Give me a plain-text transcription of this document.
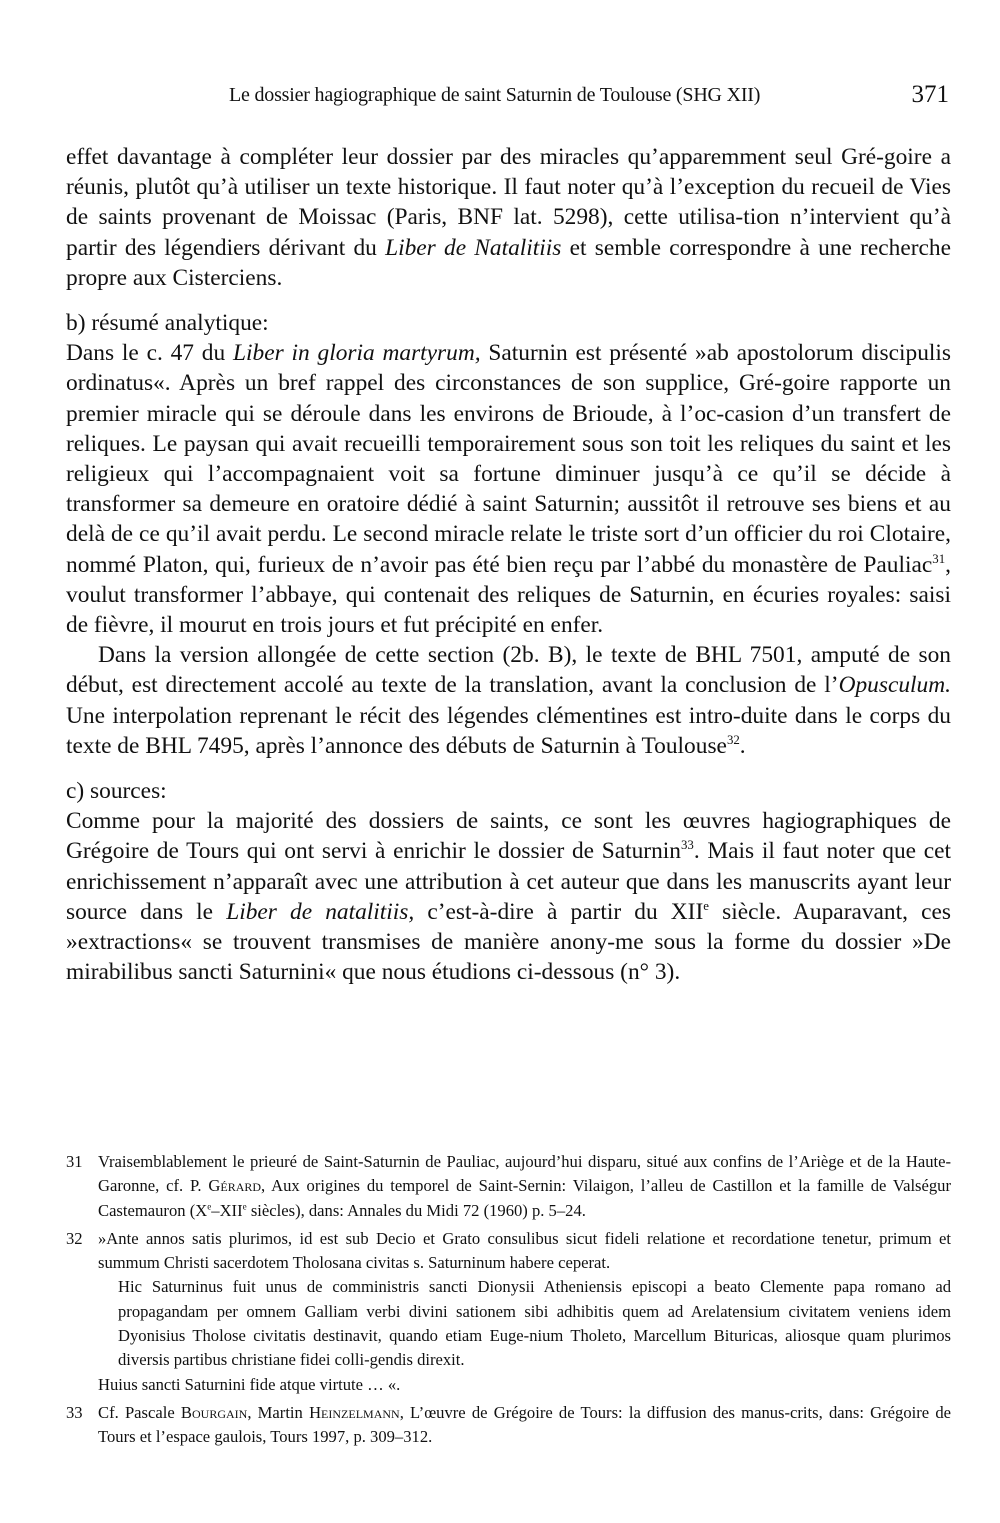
Le dossier hagiographique de saint Saturnin de Toulouse (SHG XII)	371

effet davantage à compléter leur dossier par des miracles qu’apparemment seul Gré-goire a réunis, plutôt qu’à utiliser un texte historique. Il faut noter qu’à l’exception du recueil de Vies de saints provenant de Moissac (Paris, BNF lat. 5298), cette utilisa-tion n’intervient qu’à partir des légendiers dérivant du Liber de Natalitiis et semble correspondre à une recherche propre aux Cisterciens.

b) résumé analytique:

Dans le c. 47 du Liber in gloria martyrum, Saturnin est présenté »ab apostolorum discipulis ordinatus«. Après un bref rappel des circonstances de son supplice, Gré-goire rapporte un premier miracle qui se déroule dans les environs de Brioude, à l’oc-casion d’un transfert de reliques. Le paysan qui avait recueilli temporairement sous son toit les reliques du saint et les religieux qui l’accompagnaient voit sa fortune diminuer jusqu’à ce qu’il se décide à transformer sa demeure en oratoire dédié à saint Saturnin; aussitôt il retrouve ses biens et au delà de ce qu’il avait perdu. Le second miracle relate le triste sort d’un officier du roi Clotaire, nommé Platon, qui, furieux de n’avoir pas été bien reçu par l’abbé du monastère de Pauliac$^{31}$, voulut transformer l’abbaye, qui contenait des reliques de Saturnin, en écuries royales: saisi de fièvre, il mourut en trois jours et fut précipité en enfer.

Dans la version allongée de cette section (2b. B), le texte de BHL 7501, amputé de son début, est directement accolé au texte de la translation, avant la conclusion de l’Opusculum. Une interpolation reprenant le récit des légendes clémentines est intro-duite dans le corps du texte de BHL 7495, après l’annonce des débuts de Saturnin à Toulouse$^{32}$.

c) sources:

Comme pour la majorité des dossiers de saints, ce sont les œuvres hagiographiques de Grégoire de Tours qui ont servi à enrichir le dossier de Saturnin$^{33}$. Mais il faut noter que cet enrichissement n’apparaît avec une attribution à cet auteur que dans les manuscrits ayant leur source dans le Liber de natalitiis, c’est-à-dire à partir du XIIe siècle. Auparavant, ces »extractions« se trouvent transmises de manière anony-me sous la forme du dossier »De mirabilibus sancti Saturnini« que nous étudions ci-dessous (n° 3).

31 Vraisemblablement le prieuré de Saint-Saturnin de Pauliac, aujourd’hui disparu, situé aux confins de l’Ariège et de la Haute-Garonne, cf. P. Gérard, Aux origines du temporel de Saint-Sernin: Vilaigon, l’alleu de Castillon et la famille de Valségur Castemauron (Xe–XIIe siècles), dans: Annales du Midi 72 (1960) p. 5–24.
32 »Ante annos satis plurimos, id est sub Decio et Grato consulibus sicut fideli relatione et recordatione tenetur, primum et summum Christi sacerdotem Tholosana civitas s. Saturninum habere ceperat.

Hic Saturninus fuit unus de comministris sancti Dionysii Atheniensis episcopi a beato Clemente papa romano ad propagandam per omnem Galliam verbi divini sationem sibi adhibitis quem ad Arelatensium civitatem veniens idem Dyonisius Tholose civitatis destinavit, quando etiam Euge-nium Tholeto, Marcellum Bituricas, aliosque quam plurimos diversis partibus christiane fidei colli-gendis direxit.

Huius sancti Saturnini fide atque virtute … «.

33 Cf. Pascale Bourgain, Martin Heinzelmann, L’œuvre de Grégoire de Tours: la diffusion des manus-crits, dans: Grégoire de Tours et l’espace gaulois, Tours 1997, p. 309–312.
